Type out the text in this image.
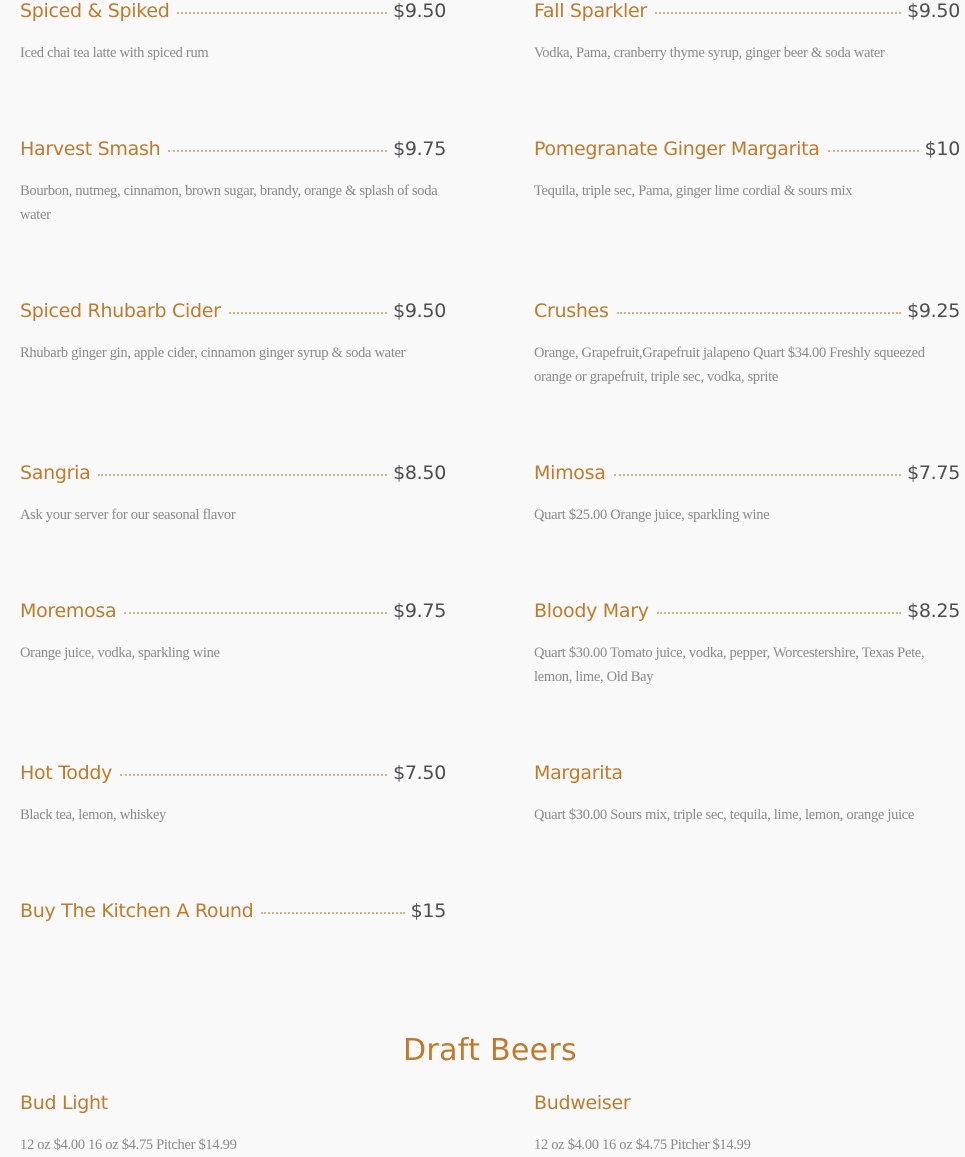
Spiced & Spiked	$9.50
Iced chai tea latte with spiced rum
Harvest Smash	$9.75
Bourbon, nutmeg, cinnamon, brown sugar, brandy, orange & splash of soda water
Spiced Rhubarb Cider	$9.50
Rhubarb ginger gin, apple cider, cinnamon ginger syrup & soda water
Sangria	$8.50
Ask your server for our seasonal flavor
Moremosa	$9.75
Orange juice, vodka, sparkling wine
Hot Toddy	$7.50
Black tea, lemon, whiskey
Buy The Kitchen A Round	$15
Bud Light
12 oz $4.00 16 oz $4.75 Pitcher $14.99
Fall Sparkler	$9.50
Vodka, Pama, cranberry thyme syrup, ginger beer & soda water
Pomegranate Ginger Margarita	$10
Tequila, triple sec, Pama, ginger lime cordial & sours mix
Crushes	$9.25
Orange, Grapefruit,Grapefruit jalapeno Quart $34.00 Freshly squeezed orange or grapefruit, triple sec, vodka, sprite
Mimosa	$7.75
Quart $25.00 Orange juice, sparkling wine
Bloody Mary	$8.25
Quart $30.00 Tomato juice, vodka, pepper, Worcestershire, Texas Pete, lemon, lime, Old Bay
Margarita
Quart $30.00 Sours mix, triple sec, tequila, lime, lemon, orange juice
Budweiser
12 oz $4.00 16 oz $4.75 Pitcher $14.99
Draft Beers
